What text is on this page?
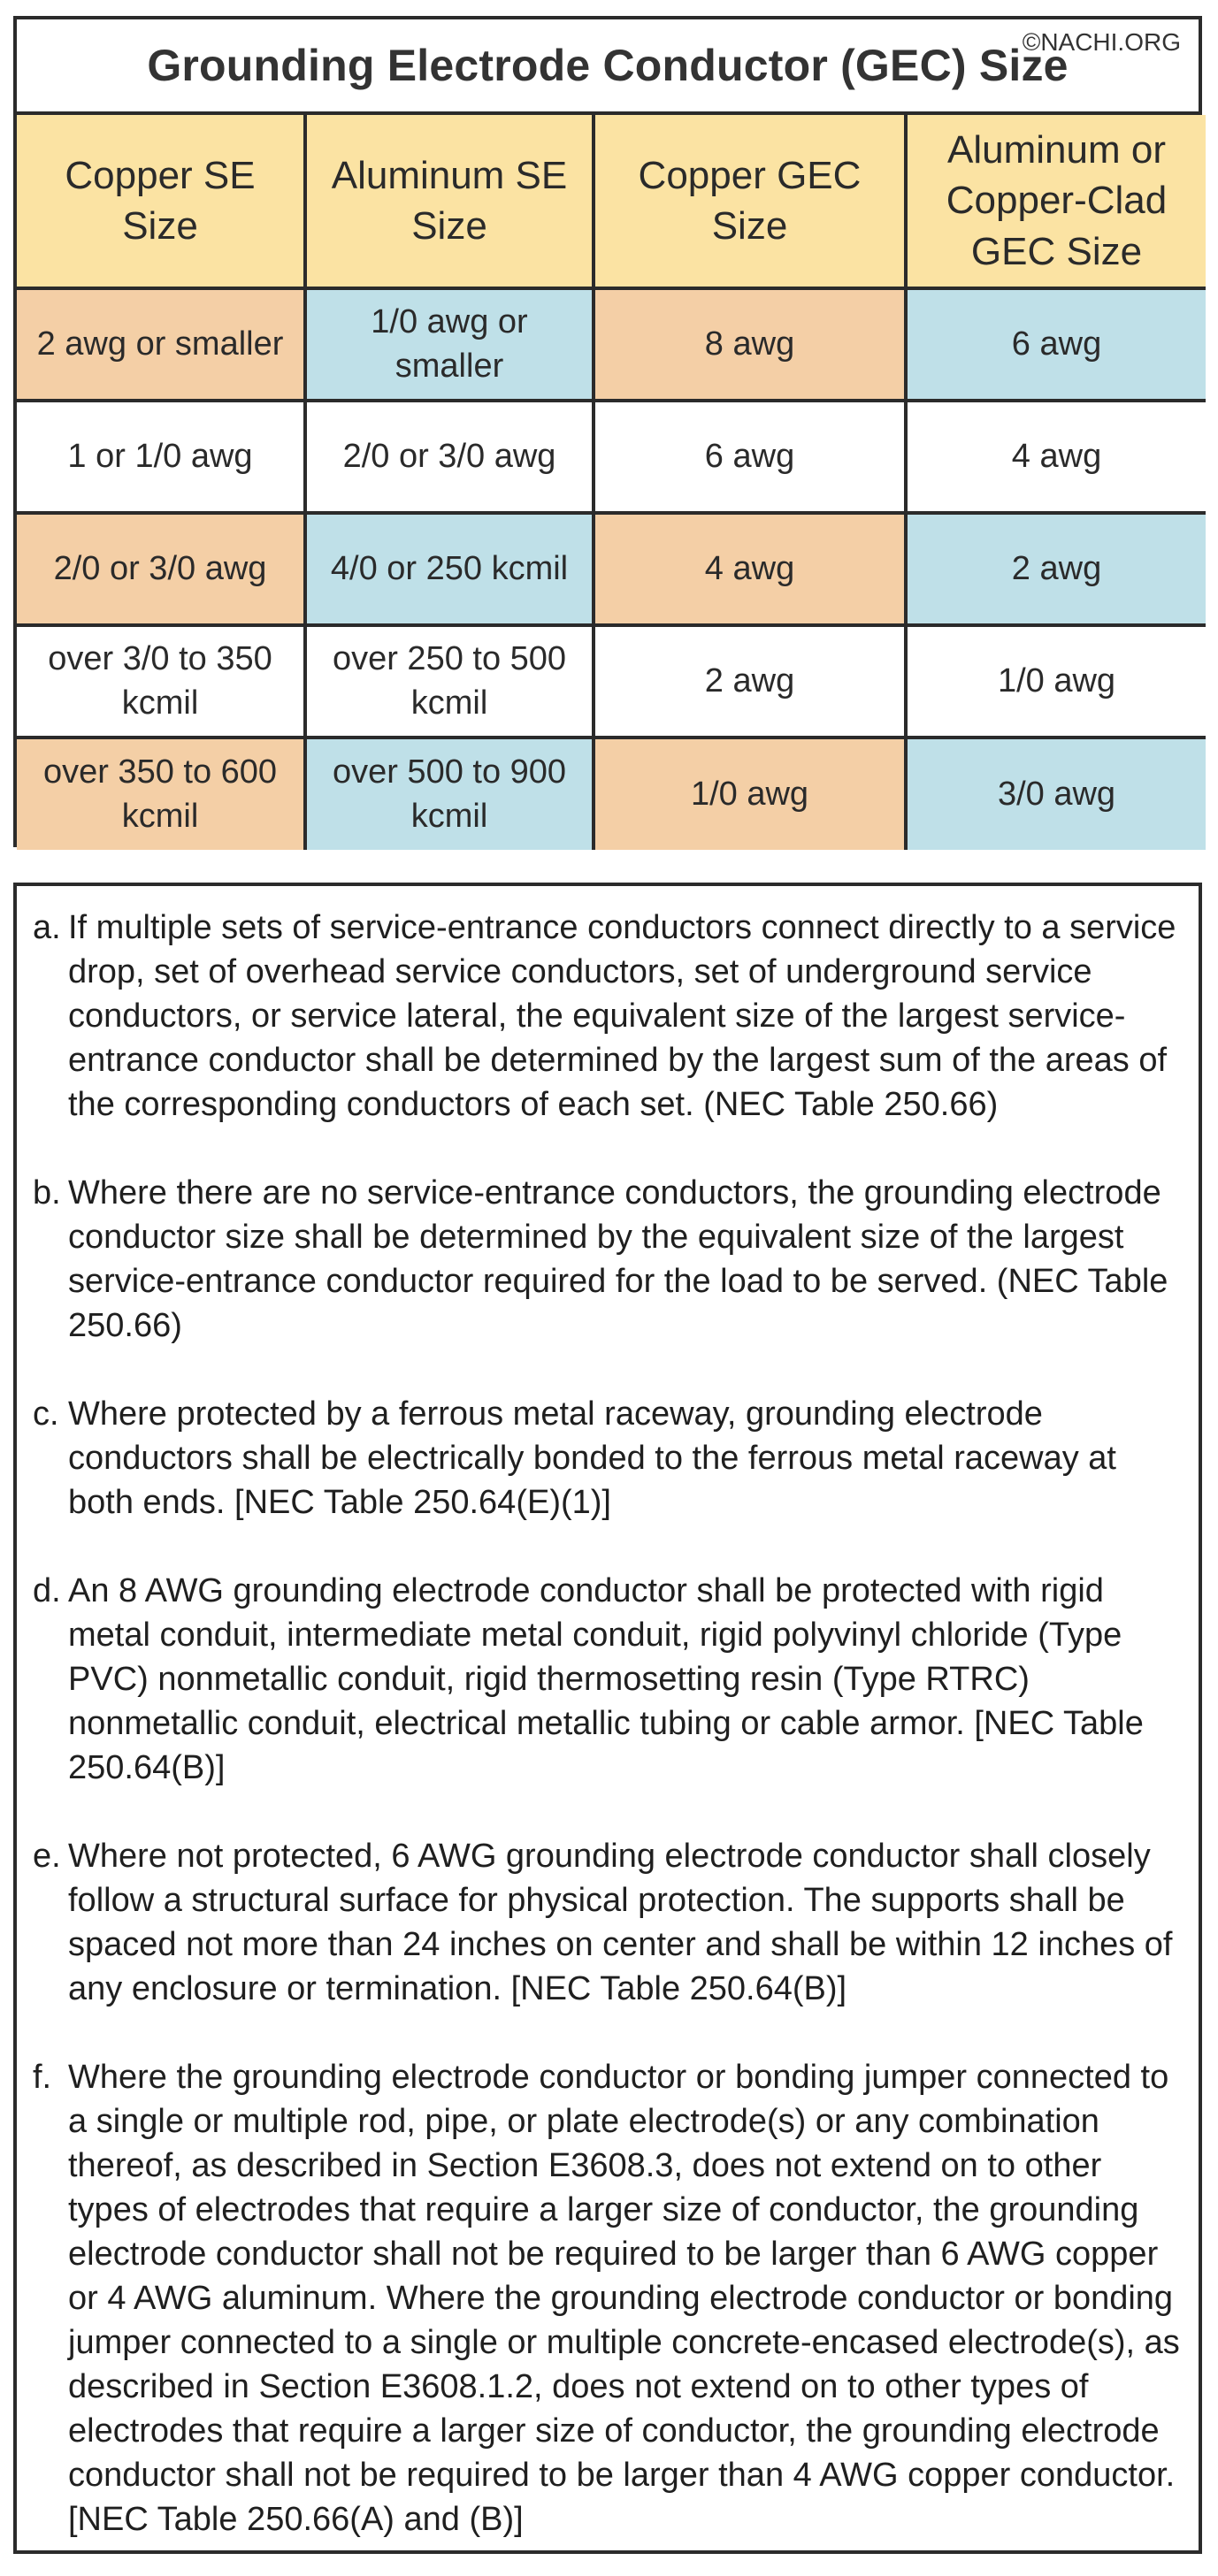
Grounding Electrode Conductor (GEC) Size
©NACHI.ORG
Copper SE Size	Aluminum SE Size	Copper GEC Size	Aluminum or Copper-Clad GEC Size
2 awg or smaller	1/0 awg or smaller	8 awg	6 awg
1 or 1/0 awg	2/0 or 3/0 awg	6 awg	4 awg
2/0 or 3/0 awg	4/0 or 250 kcmil	4 awg	2 awg
over 3/0 to 350 kcmil	over 250 to 500 kcmil	2 awg	1/0 awg
over 350 to 600 kcmil	over 500 to 900 kcmil	1/0 awg	3/0 awg

a. If multiple sets of service-entrance conductors connect directly to a service drop, set of overhead service conductors, set of underground service conductors, or service lateral, the equivalent size of the largest service-entrance conductor shall be determined by the largest sum of the areas of the corresponding conductors of each set. (NEC Table 250.66)

b. Where there are no service-entrance conductors, the grounding electrode conductor size shall be determined by the equivalent size of the largest service-entrance conductor required for the load to be served. (NEC Table 250.66)

c. Where protected by a ferrous metal raceway, grounding electrode conductors shall be electrically bonded to the ferrous metal raceway at both ends. [NEC Table 250.64(E)(1)]

d. An 8 AWG grounding electrode conductor shall be protected with rigid metal conduit, intermediate metal conduit, rigid polyvinyl chloride (Type PVC) nonmetallic conduit, rigid thermosetting resin (Type RTRC) nonmetallic conduit, electrical metallic tubing or cable armor. [NEC Table 250.64(B)]

e. Where not protected, 6 AWG grounding electrode conductor shall closely follow a structural surface for physical protection. The supports shall be spaced not more than 24 inches on center and shall be within 12 inches of any enclosure or termination. [NEC Table 250.64(B)]

f. Where the grounding electrode conductor or bonding jumper connected to a single or multiple rod, pipe, or plate electrode(s) or any combination thereof, as described in Section E3608.3, does not extend on to other types of electrodes that require a larger size of conductor, the grounding electrode conductor shall not be required to be larger than 6 AWG copper or 4 AWG aluminum. Where the grounding electrode conductor or bonding jumper connected to a single or multiple concrete-encased electrode(s), as described in Section E3608.1.2, does not extend on to other types of electrodes that require a larger size of conductor, the grounding electrode conductor shall not be required to be larger than 4 AWG copper conductor. [NEC Table 250.66(A) and (B)]
